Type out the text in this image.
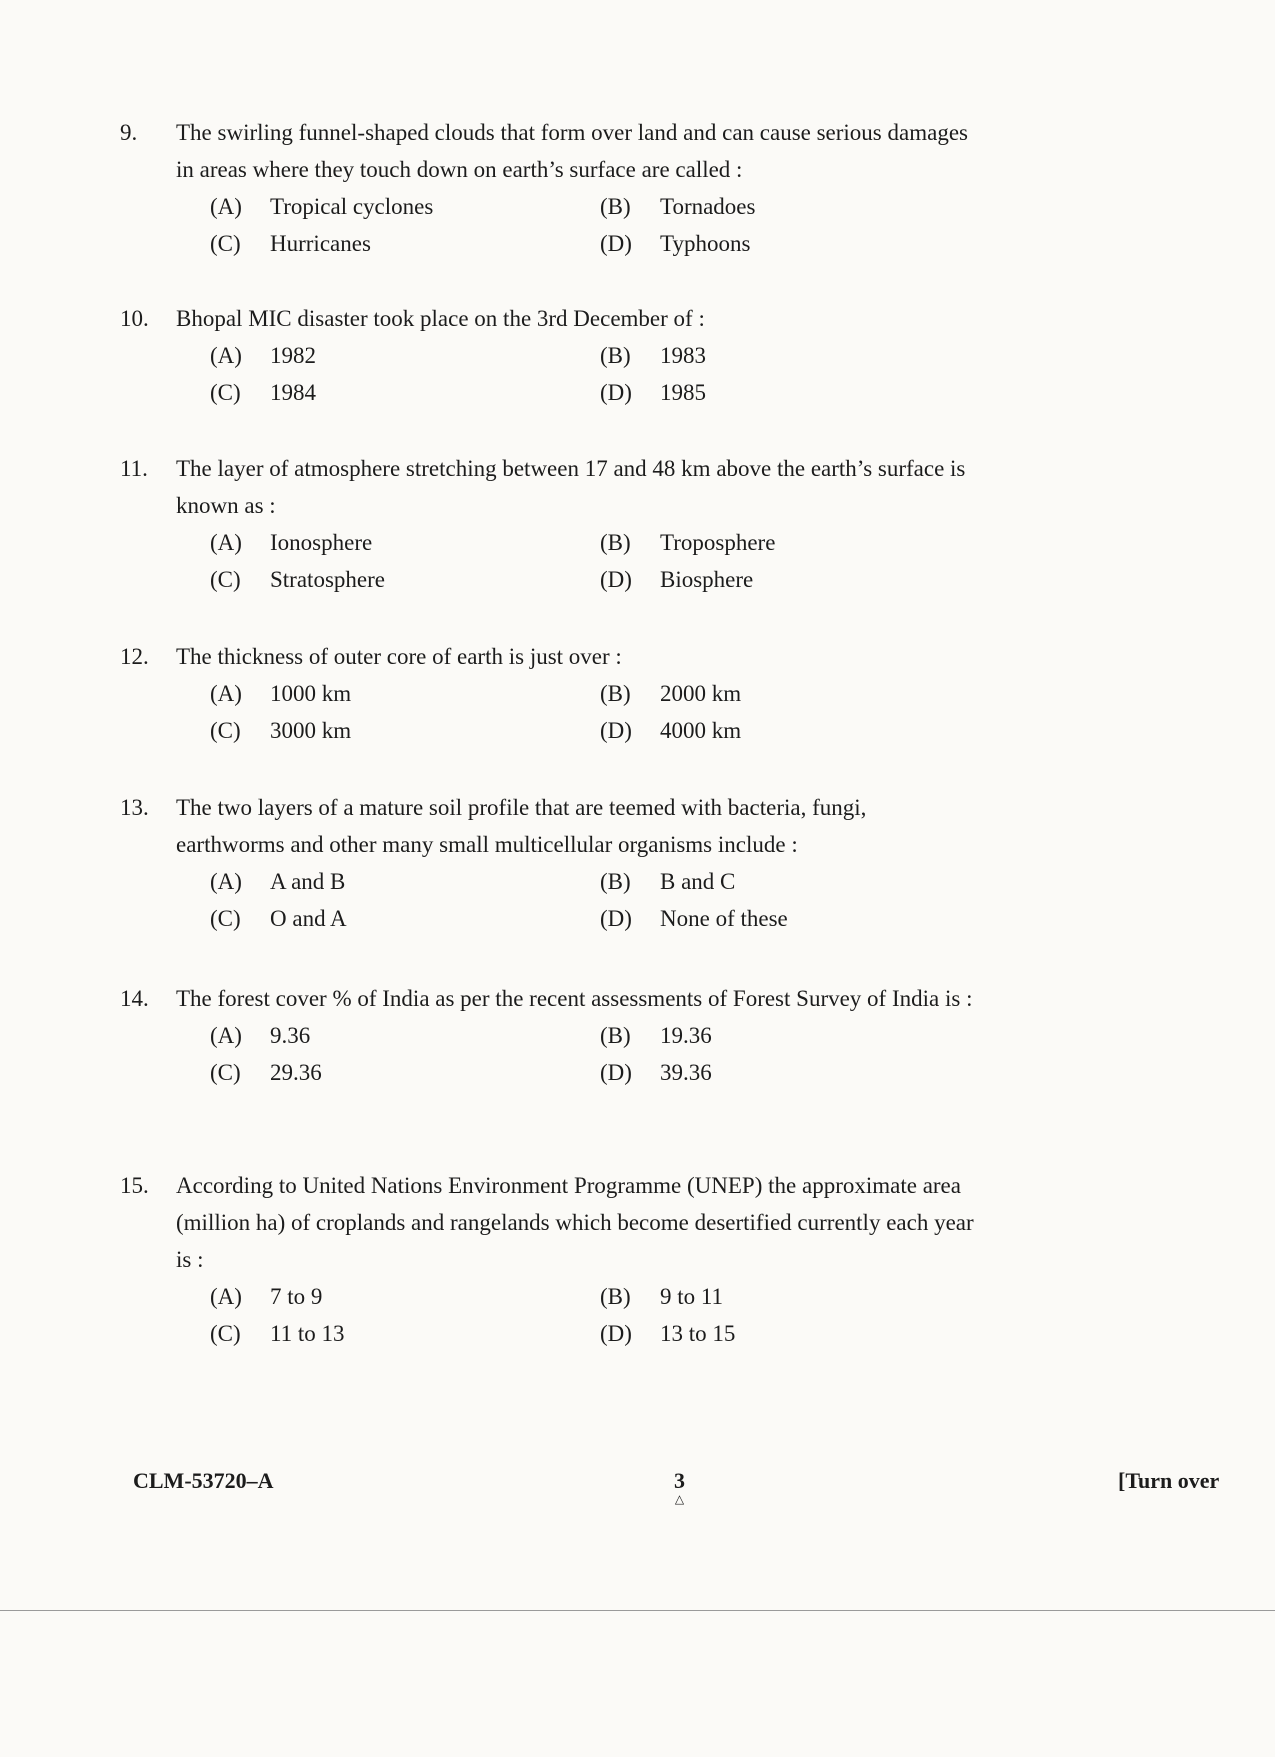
9.	The swirling funnel-shaped clouds that form over land and can cause serious damages in areas where they touch down on earth’s surface are called :
(A) Tropical cyclones	(B) Tornadoes
(C) Hurricanes	(D) Typhoons
10.	Bhopal MIC disaster took place on the 3rd December of :
(A) 1982	(B) 1983
(C) 1984	(D) 1985
11.	The layer of atmosphere stretching between 17 and 48 km above the earth’s surface is known as :
(A) Ionosphere	(B) Troposphere
(C) Stratosphere	(D) Biosphere
12.	The thickness of outer core of earth is just over :
(A) 1000 km	(B) 2000 km
(C) 3000 km	(D) 4000 km
13.	The two layers of a mature soil profile that are teemed with bacteria, fungi, earthworms and other many small multicellular organisms include :
(A) A and B	(B) B and C
(C) O and A	(D) None of these
14.	The forest cover % of India as per the recent assessments of Forest Survey of India is :
(A) 9.36	(B) 19.36
(C) 29.36	(D) 39.36
15.	According to United Nations Environment Programme (UNEP) the approximate area (million ha) of croplands and rangelands which become desertified currently each year is :
(A) 7 to 9	(B) 9 to 11
(C) 11 to 13	(D) 13 to 15
CLM-53720–A	3
△
[Turn over
